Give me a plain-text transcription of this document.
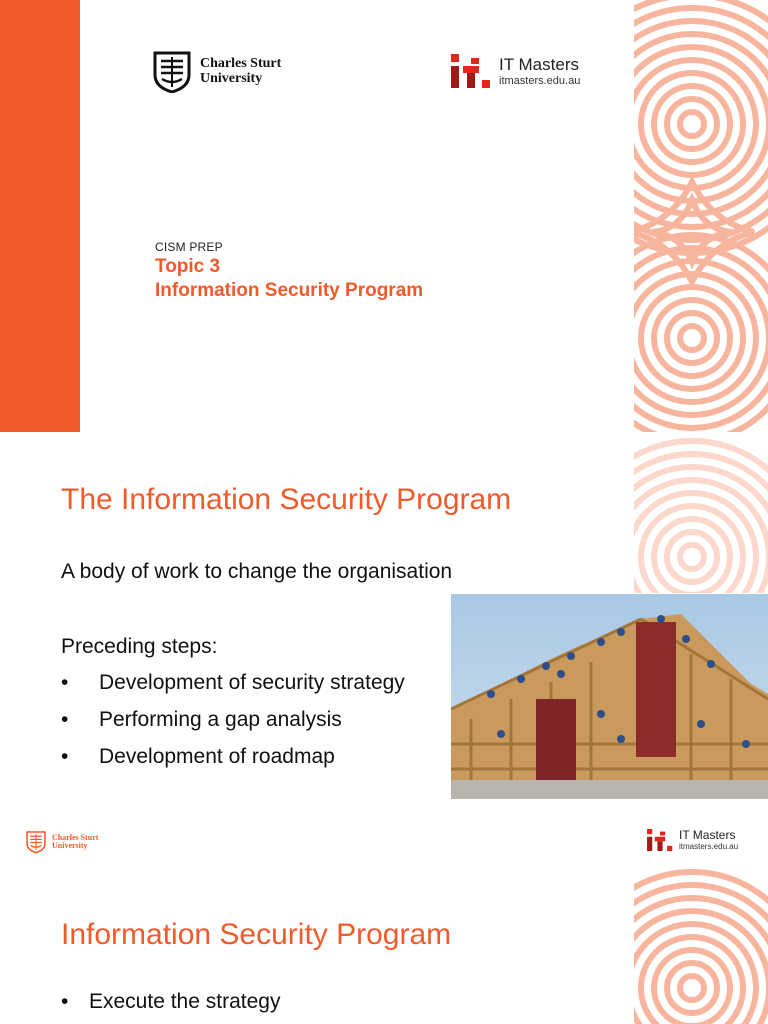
Charles Sturt
University
IT Masters
itmasters.edu.au
CISM PREP
Topic 3
Information Security Program
The Information Security Program
A body of work to change the organisation
Preceding steps:
• Development of security strategy
• Performing a gap analysis
• Development of roadmap
Charles Sturt
University
IT Masters
itmasters.edu.au
Information Security Program
• Execute the strategy
